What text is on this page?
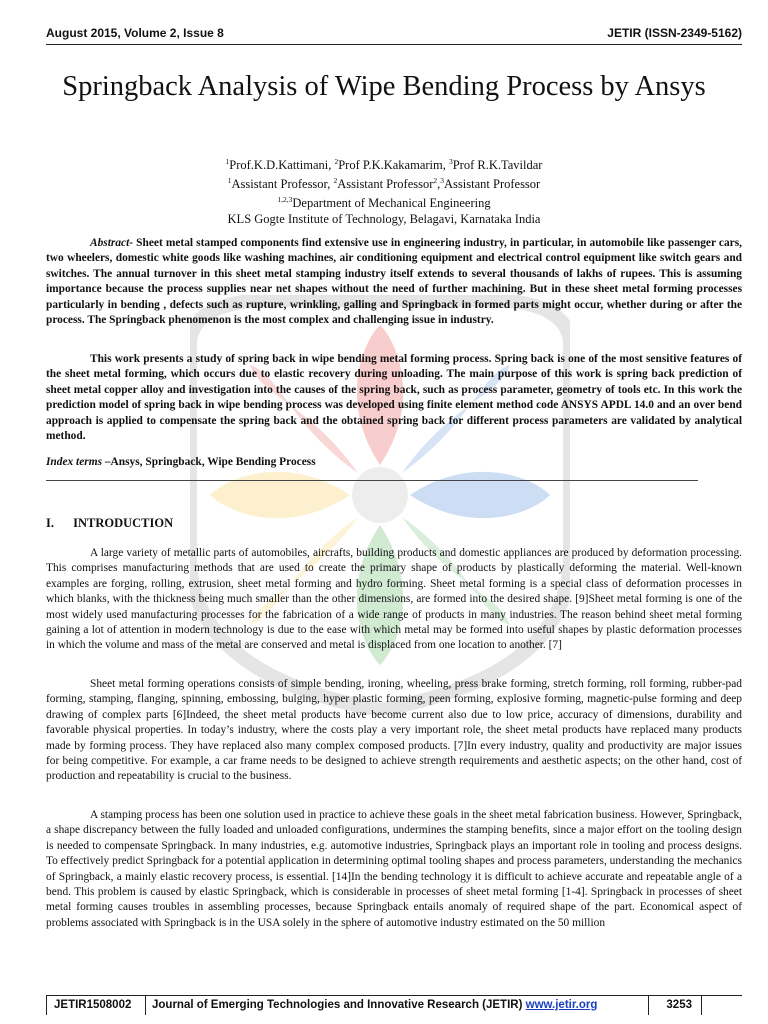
August 2015, Volume 2, Issue 8	JETIR (ISSN-2349-5162)
Springback Analysis of Wipe Bending Process by Ansys
$^1$Prof.K.D.Kattimani, $^2$Prof P.K.Kakamarim, $^3$Prof R.K.Tavildar
$^1$Assistant Professor, $^2$Assistant Professor$^2$,$^3$Assistant Professor
$^{1,2,3}$Department of Mechanical Engineering
KLS Gogte Institute of Technology, Belagavi, Karnataka India

Abstract- Sheet metal stamped components find extensive use in engineering industry, in particular, in automobile like passenger cars, two wheelers, domestic white goods like washing machines, air conditioning equipment and electrical control equipment like switch gears and switches. The annual turnover in this sheet metal stamping industry itself extends to several thousands of lakhs of rupees. This is assuming importance because the process supplies near net shapes without the need of further machining. But in these sheet metal forming processes particularly in bending , defects such as rupture, wrinkling, galling and Springback in formed parts might occur, whether during or after the process. The Springback phenomenon is the most complex and challenging issue in industry.

This work presents a study of spring back in wipe bending metal forming process. Spring back is one of the most sensitive features of the sheet metal forming, which occurs due to elastic recovery during unloading. The main purpose of this work is spring back prediction of sheet metal copper alloy and investigation into the causes of the spring back, such as process parameter, geometry of tools etc. In this work the prediction model of spring back in wipe bending process was developed using finite element method code ANSYS APDL 14.0 and an over bend approach is applied to compensate the spring back and the obtained spring back for different process parameters are validated by analytical method.

Index terms –Ansys, Springback, Wipe Bending Process

I. INTRODUCTION

A large variety of metallic parts of automobiles, aircrafts, building products and domestic appliances are produced by deformation processing. This comprises manufacturing methods that are used to create the primary shape of products by plastically deforming the material. Well-known examples are forging, rolling, extrusion, sheet metal forming and hydro forming. Sheet metal forming is a special class of deformation processes in which blanks, with the thickness being much smaller than the other dimensions, are formed into the desired shape. [9]Sheet metal forming is one of the most widely used manufacturing processes for the fabrication of a wide range of products in many industries. The reason behind sheet metal forming gaining a lot of attention in modern technology is due to the ease with which metal may be formed into useful shapes by plastic deformation processes in which the volume and mass of the metal are conserved and metal is displaced from one location to another. [7]

Sheet metal forming operations consists of simple bending, ironing, wheeling, press brake forming, stretch forming, roll forming, rubber-pad forming, stamping, flanging, spinning, embossing, bulging, hyper plastic forming, peen forming, explosive forming, magnetic-pulse forming and deep drawing of complex parts [6]Indeed, the sheet metal products have become current also due to low price, accuracy of dimensions, durability and favorable physical properties. In today’s industry, where the costs play a very important role, the sheet metal products have replaced many products made by forming process. They have replaced also many complex composed products. [7]In every industry, quality and productivity are major issues for being competitive. For example, a car frame needs to be designed to achieve strength requirements and aesthetic aspects; on the other hand, cost of production and repeatability is crucial to the business.

A stamping process has been one solution used in practice to achieve these goals in the sheet metal fabrication business. However, Springback, a shape discrepancy between the fully loaded and unloaded configurations, undermines the stamping benefits, since a major effort on the tooling design is needed to compensate Springback. In many industries, e.g. automotive industries, Springback plays an important role in tooling and process designs. To effectively predict Springback for a potential application in determining optimal tooling shapes and process parameters, understanding the mechanics of Springback, a mainly elastic recovery process, is essential. [14]In the bending technology it is difficult to achieve accurate and repeatable angle of a bend. This problem is caused by elastic Springback, which is considerable in processes of sheet metal forming [1-4]. Springback in processes of sheet metal forming causes troubles in assembling processes, because Springback entails anomaly of required shape of the part. Economical aspect of problems associated with Springback is in the USA solely in the sphere of automotive industry estimated on the 50 million

JETIR1508002 Journal of Emerging Technologies and Innovative Research (JETIR) www.jetir.org	3253
